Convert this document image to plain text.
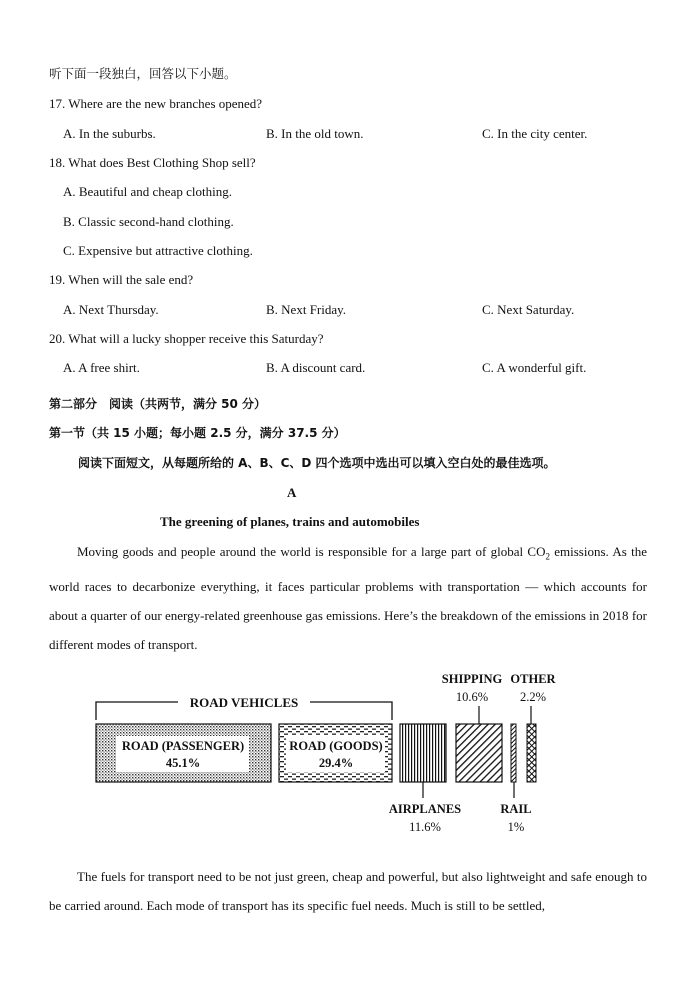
听下面一段独白，回答以下小题。
17. Where are the new branches opened?
A. In the suburbs.	B. In the old town.	C. In the city center.
18. What does Best Clothing Shop sell?
A. Beautiful and cheap clothing.
B. Classic second-hand clothing.
C. Expensive but attractive clothing.
19. When will the sale end?
A. Next Thursday.	B. Next Friday.	C. Next Saturday.
20. What will a lucky shopper receive this Saturday?
A. A free shirt.	B. A discount card.	C. A wonderful gift.
第二部分　阅读（共两节，满分 50 分）
第一节（共 15 小题；每小题 2.5 分，满分 37.5 分）
阅读下面短文，从每题所给的 A、B、C、D 四个选项中选出可以填入空白处的最佳选项。
A
The greening of planes, trains and automobiles
Moving goods and people around the world is responsible for a large part of global $CO_2$ emissions. As the world races to decarbonize everything, it faces particular problems with transportation — which accounts for about a quarter of our energy-related greenhouse gas emissions. Here’s the breakdown of the emissions in 2018 for different modes of transport.
ROAD VEHICLES
ROAD (PASSENGER)
45.1%
ROAD (GOODS)
29.4%
AIRPLANES
11.6%
SHIPPING
10.6%
RAIL
1%
OTHER
2.2%
The fuels for transport need to be not just green, cheap and powerful, but also lightweight and safe enough to be carried around. Each mode of transport has its specific fuel needs. Much is still to be settled,
